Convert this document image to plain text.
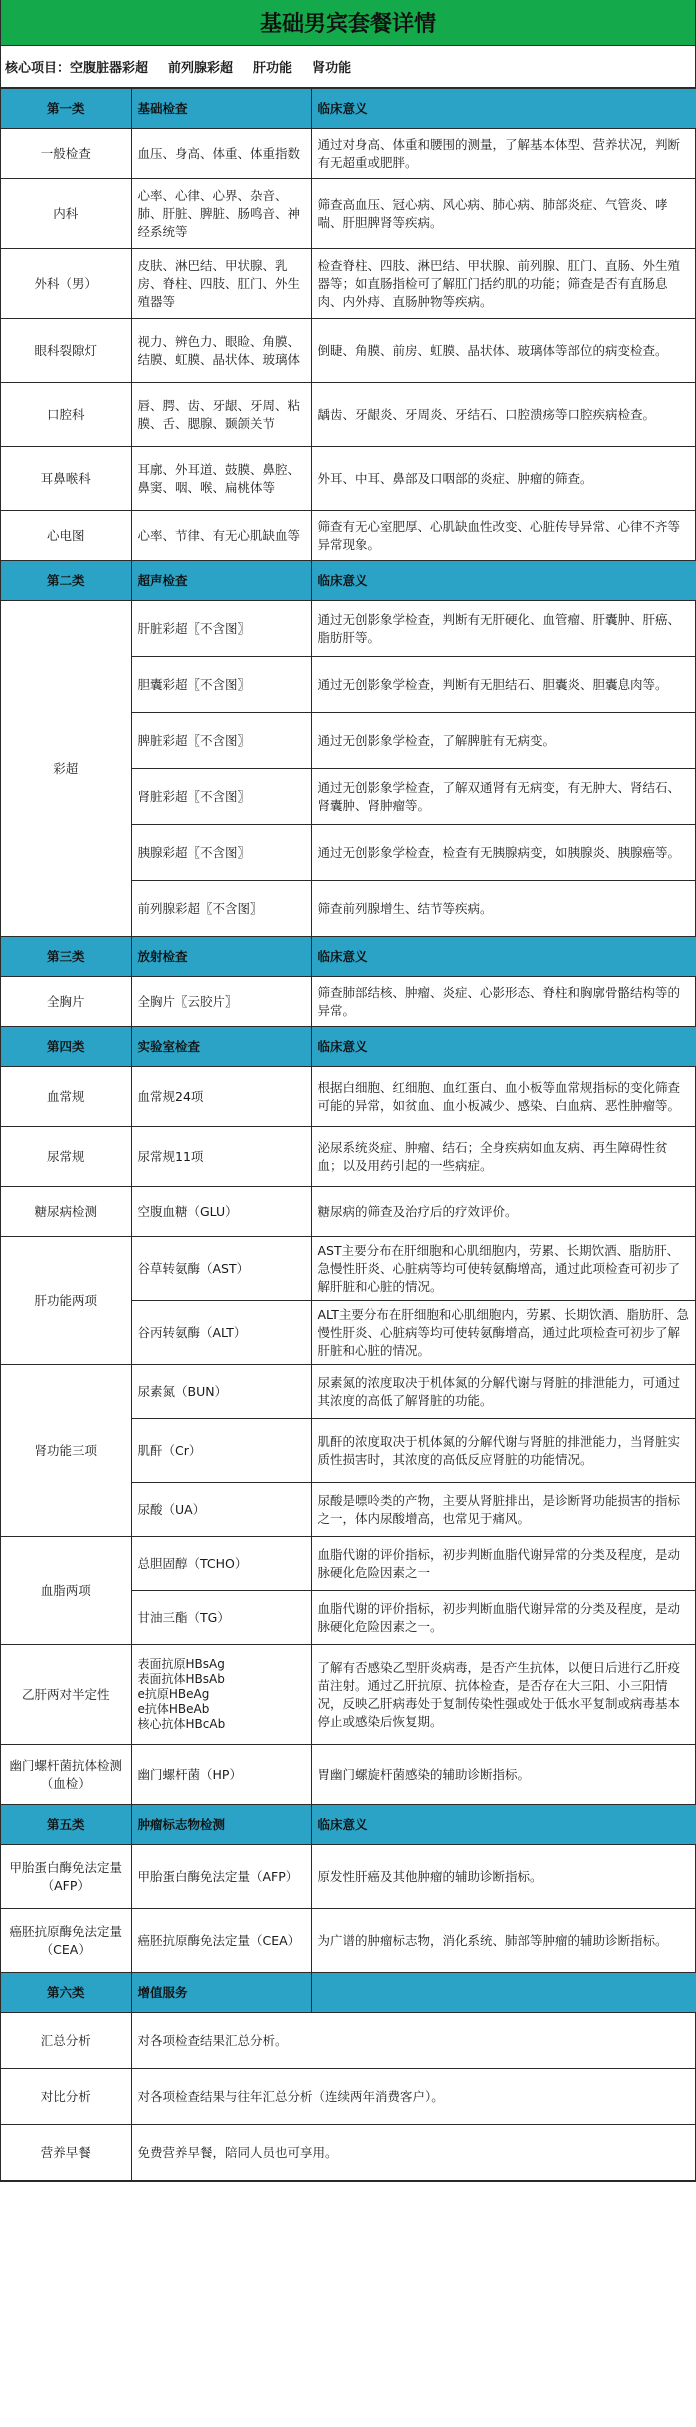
基础男宾套餐详情
核心项目： 空腹脏器彩超 前列腺彩超 肝功能 肾功能
第一类	基础检查	临床意义
一般检查	血压、身高、体重、体重指数	通过对身高、体重和腰围的测量，了解基本体型、营养状况，判断有无超重或肥胖。
内科	心率、心律、心界、杂音、肺、肝脏、脾脏、肠鸣音、神经系统等	筛查高血压、冠心病、风心病、肺心病、肺部炎症、气管炎、哮喘、肝胆脾肾等疾病。
外科（男）	皮肤、淋巴结、甲状腺、乳房、脊柱、四肢、肛门、外生殖器等	检查脊柱、四肢、淋巴结、甲状腺、前列腺、肛门、直肠、外生殖器等；如直肠指检可了解肛门括约肌的功能；筛查是否有直肠息肉、内外痔、直肠肿物等疾病。
眼科裂隙灯	视力、辨色力、眼睑、角膜、结膜、虹膜、晶状体、玻璃体	倒睫、角膜、前房、虹膜、晶状体、玻璃体等部位的病变检查。
口腔科	唇、腭、齿、牙龈、牙周、粘膜、舌、腮腺、颞颌关节	龋齿、牙龈炎、牙周炎、牙结石、口腔溃疡等口腔疾病检查。
耳鼻喉科	耳廓、外耳道、鼓膜、鼻腔、鼻窦、咽、喉、扁桃体等	外耳、中耳、鼻部及口咽部的炎症、肿瘤的筛查。
心电图	心率、节律、有无心肌缺血等	筛查有无心室肥厚、心肌缺血性改变、心脏传导异常、心律不齐等异常现象。
第二类	超声检查	临床意义
彩超	肝脏彩超〖不含图〗	通过无创影象学检查，判断有无肝硬化、血管瘤、肝囊肿、肝癌、脂肪肝等。
	胆囊彩超〖不含图〗	通过无创影象学检查，判断有无胆结石、胆囊炎、胆囊息肉等。
	脾脏彩超〖不含图〗	通过无创影象学检查，了解脾脏有无病变。
	肾脏彩超〖不含图〗	通过无创影象学检查，了解双通肾有无病变，有无肿大、肾结石、肾囊肿、肾肿瘤等。
	胰腺彩超〖不含图〗	通过无创影象学检查，检查有无胰腺病变，如胰腺炎、胰腺癌等。
	前列腺彩超〖不含图〗	筛查前列腺增生、结节等疾病。
第三类	放射检查	临床意义
全胸片	全胸片〖云胶片〗	筛查肺部结核、肿瘤、炎症、心影形态、脊柱和胸廓骨骼结构等的异常。
第四类	实验室检查	临床意义
血常规	血常规24项	根据白细胞、红细胞、血红蛋白、血小板等血常规指标的变化筛查可能的异常，如贫血、血小板减少、感染、白血病、恶性肿瘤等。
尿常规	尿常规11项	泌尿系统炎症、肿瘤、结石；全身疾病如血友病、再生障碍性贫血；以及用药引起的一些病症。
糖尿病检测	空腹血糖（GLU）	糖尿病的筛查及治疗后的疗效评价。
肝功能两项	谷草转氨酶（AST）	AST主要分布在肝细胞和心肌细胞内，劳累、长期饮酒、脂肪肝、急慢性肝炎、心脏病等均可使转氨酶增高，通过此项检查可初步了解肝脏和心脏的情况。
	谷丙转氨酶（ALT）	ALT主要分布在肝细胞和心肌细胞内，劳累、长期饮酒、脂肪肝、急慢性肝炎、心脏病等均可使转氨酶增高，通过此项检查可初步了解肝脏和心脏的情况。
肾功能三项	尿素氮（BUN）	尿素氮的浓度取决于机体氮的分解代谢与肾脏的排泄能力，可通过其浓度的高低了解肾脏的功能。
	肌酐（Cr）	肌酐的浓度取决于机体氮的分解代谢与肾脏的排泄能力，当肾脏实质性损害时，其浓度的高低反应肾脏的功能情况。
	尿酸（UA）	尿酸是嘌呤类的产物，主要从肾脏排出，是诊断肾功能损害的指标之一，体内尿酸增高，也常见于痛风。
血脂两项	总胆固醇（TCHO）	血脂代谢的评价指标，初步判断血脂代谢异常的分类及程度，是动脉硬化危险因素之一
	甘油三酯（TG）	血脂代谢的评价指标，初步判断血脂代谢异常的分类及程度，是动脉硬化危险因素之一。
乙肝两对半定性	表面抗原HBsAg
表面抗体HBsAb
e抗原HBeAg
e抗体HBeAb
核心抗体HBcAb	了解有否感染乙型肝炎病毒，是否产生抗体，以便日后进行乙肝疫苗注射。通过乙肝抗原、抗体检查，是否存在大三阳、小三阳情况，反映乙肝病毒处于复制传染性强或处于低水平复制或病毒基本停止或感染后恢复期。
幽门螺杆菌抗体检测（血检）	幽门螺杆菌（HP）	胃幽门螺旋杆菌感染的辅助诊断指标。
第五类	肿瘤标志物检测	临床意义
甲胎蛋白酶免法定量（AFP）	甲胎蛋白酶免法定量（AFP）	原发性肝癌及其他肿瘤的辅助诊断指标。
癌胚抗原酶免法定量（CEA）	癌胚抗原酶免法定量（CEA）	为广谱的肿瘤标志物，消化系统、肺部等肿瘤的辅助诊断指标。
第六类	增值服务	
汇总分析	对各项检查结果汇总分析。	
对比分析	对各项检查结果与往年汇总分析（连续两年消费客户）。	
营养早餐	免费营养早餐，陪同人员也可享用。	
